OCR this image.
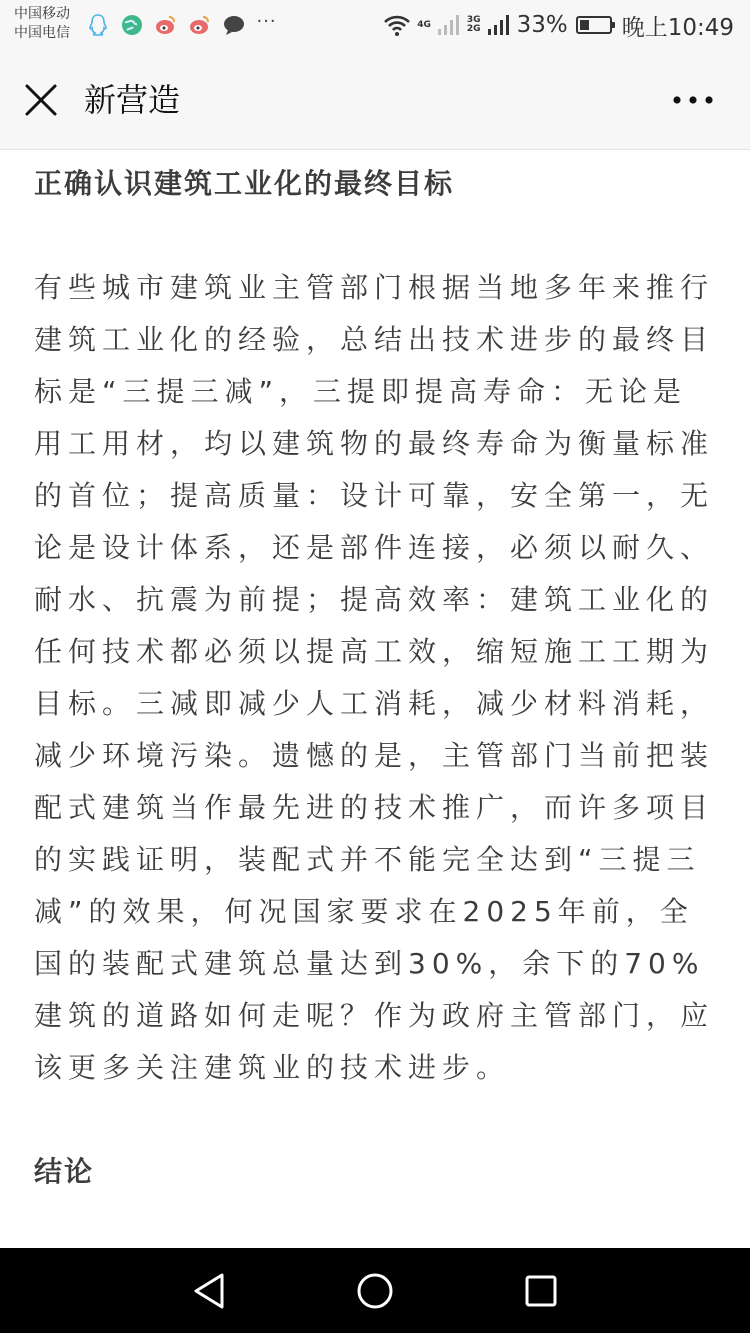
中国移动
中国电信
···	4G	3G
2G 33% 晚上10:49
新营造
正确认识建筑工业化的最终目标

有些城市建筑业主管部门根据当地多年来推行建筑工业化的经验，总结出技术进步的最终目标是“三提三减”，三提即提高寿命：无论是用工用材，均以建筑物的最终寿命为衡量标准的首位；提高质量：设计可靠，安全第一，无论是设计体系，还是部件连接，必须以耐久、耐水、抗震为前提；提高效率：建筑工业化的任何技术都必须以提高工效，缩短施工工期为目标。三减即减少人工消耗，减少材料消耗，减少环境污染。遗憾的是，主管部门当前把装配式建筑当作最先进的技术推广，而许多项目的实践证明，装配式并不能完全达到“三提三减”的效果，何况国家要求在2025年前，全国的装配式建筑总量达到30%，余下的70%建筑的道路如何走呢？作为政府主管部门，应该更多关注建筑业的技术进步。

结论
